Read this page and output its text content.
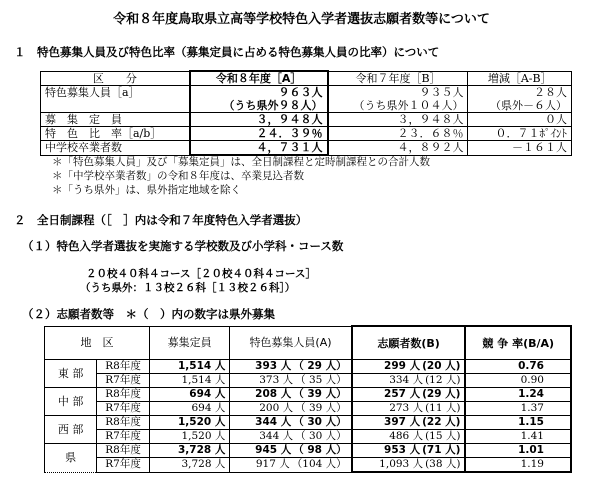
令和８年度鳥取県立高等学校特色入学者選抜志願者数等について
１　特色募集人員及び特色比率（募集定員に占める特色募集人員の比率）について
区　　分	令和８年度［A］	令和７年度［B］	増減［A-B］
特色募集人員［a］	９６３人	９３５人	２８人
	（うち県外９８人）	（うち県外１０４人）	（県外－６人）
募　集　定　員	３，９４８人	３，９４８人	０人
特　色　比　率［a/b］	２４．３９％	２３．６８％	０．７１ﾎﾟｲﾝﾄ
中学校卒業者数	４，７３１人	４，８９２人	－１６１人
＊「特色募集人員」及び「募集定員」は、全日制課程と定時制課程との合計人数
＊「中学校卒業者数」の令和８年度は、卒業見込者数
＊「うち県外」は、県外指定地域を除く
２　全日制課程（［　］内は令和７年度特色入学者選抜）
（１）特色入学者選抜を実施する学校数及び小学科・コース数
２０校４０科４コース［２０校４０科４コース］
（うち県外：１３校２６科［１３校２６科］）
（２）志願者数等　＊（　）内の数字は県外募集
地　区		募集定員	特色募集人員(A)	志願者数(B)	競 争 率(B/A)
東 部	R8年度	1,514 人	393 人 （ 29 人）	299 人 (20 人)	0.76
	R7年度	1,514 人	373 人 （ 35 人）	334 人 (12 人)	0.90
中 部	R8年度	694 人	208 人 （ 39 人）	257 人 (29 人)	1.24
	R7年度	694 人	200 人 （ 39 人）	273 人 (11 人)	1.37
西 部	R8年度	1,520 人	344 人 （ 30 人）	397 人 (22 人)	1.15
	R7年度	1,520 人	344 人 （ 30 人）	486 人 (15 人)	1.41
県	R8年度	3,728 人	945 人 （ 98 人）	953 人 (71 人)	1.01
	R7年度	3,728 人	917 人 （104 人）	1,093 人 (38 人)	1.19
